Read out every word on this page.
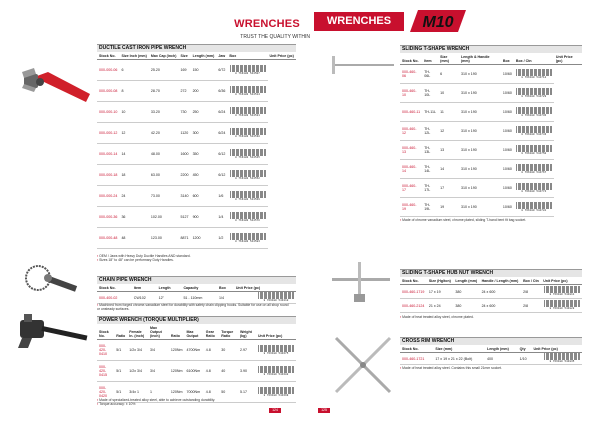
WRENCHES
TRUST THE QUALITY WITHIN
WRENCHES	M10
DUCTILE CAST IRON PIPE WRENCH
Stock No.	Size Inch (mm)	Max Cap (inch)	Size	Length (mm)	Jaw	Box	Unit Price (pc)
000-000-06	6	25.20	169	150	6/72	8 766180 544507	

000-000-08	8	28.70	272	200	6/36	8 766180 544514	

000-000-10	10	33.20	730	250	6/24	8 766180 544521	

000-000-12	12	42.20	1120	300	6/24	8 766180 544538	

000-000-14	14	48.00	1600	350	6/12	8 766180 544545	

000-000-18	18	63.00	2200	450	6/12	8 766180 544552	

000-000-24	24	73.00	3140	600	1/6	8 766180 544569	

000-000-36	36	102.00	5127	900	1/4	8 766180 544576	

000-000-48	48	123.00	8871	1200	1/2	8 766180 544583	
▪ OEM / Jaws with Heavy Duty Ductile Handles AND standard.
▪ Sizes 18" to 48" can be performary Duty Handles.
CHAIN PIPE WRENCH
Stock No.	Item	Length	Capacity	Box	Unit Price (pc)
000-400-02	CW102	12"	51 - 110mm	1/4	8 766180 543210
▪ Machined from forged chrome-vanadium steel for durability with safety chain clipping hooks. Suitable for use on all shop round or unsteady surfaces.
POWER WRENCH (TORQUE MULTIPLIER)
Stock No.	Ratio	Female In. (inch)	Max Output (inch)	Ratio	Max Output	Gear Ratio	Torque Ratio	Weight (kg)	Unit Price (pc)
000-420-0410	5/1	1/2x 3/4	3/4	120Nm	4700Nm	4.8	30	2.97	8 766180 544675

000-420-0415	5/1	1/2x 3/4	3/4	120Nm	6100Nm	4.8	40	3.90	8 766180 544682

000-420-0420	5/1	3/4x 1	1	120Nm	7000Nm	4.8	50	5.17	8 766180 544699
▪ Made of specialized-treated alloy steel, able to achieve outstanding durability.
▪ Torque accuracy: ± 10%
124
SLIDING T-SHAPE WRENCH
Stock No.	Item	Size (mm)	Length & Handle (mm)	Box	Box / Ctn	Unit Price (pc)
000-460-06	TH-06L	6	310 x 190	10/60	8 766180 544712	

000-460-10	TH-10L	10	310 x 190	10/60	8 766180 544729	

000-460-11	TH-11L	11	310 x 190	10/60	8 766180 544736	

000-460-12	TH-12L	12	310 x 190	10/60	8 766180 544743	

000-460-13	TH-13L	13	310 x 190	10/60	8 766180 544750	

000-460-14	TH-14L	14	310 x 190	10/60	8 766180 544767	

000-460-17	TH-17L	17	310 x 190	10/60	8 766180 544774	

000-460-19	TH-19L	19	310 x 190	10/60	8 766180 544781	
▪ Made of chrome vanadium steel, chrome plated, sliding T-hand bent fit bag socket.
SLIDING T-SHAPE HUB NUT WRENCH
Stock No.	Size (Hg/ton)	Length (mm)	Handle / Length (mm)	Box / Ctn	Unit Price (pc)
000-460-1719	17 x 19	380	24 x 600	2/8	8 766180 544811

000-460-2124	21 x 24	380	24 x 600	2/8	8 766180 544828
▪ Made of heat treated alloy steel, chrome plated.
CROSS RIM WRENCH
Stock No.	Size (mm)	Length (mm)	Qty	Unit Price (pc)
000-460-1721	17 x 19 x 21 x 22 (Bolt)	400	1/10	8 766180 544835
▪ Made of heat treated alloy steel. Contains this small 21mm socket.
125
